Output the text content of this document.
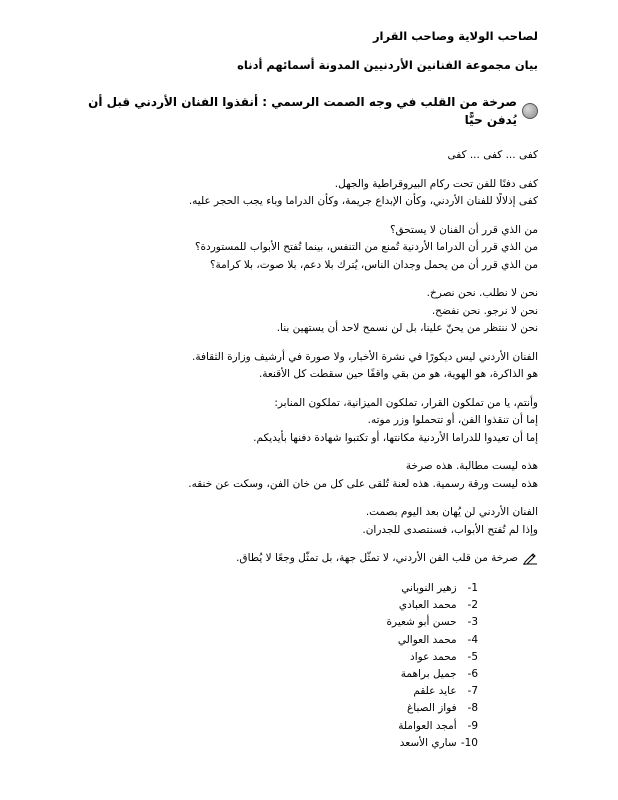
لصاحب الولاية وصاحب القرار

بيان مجموعة الفنانين الأردنيين المدونة أسمائهم أدناه

صرخة من القلب في وجه الصمت الرسمي : أنقذوا الفنان الأردني قبل أن يُدفن حيًّا

كفى ... كفى ... كفى

كفى دفنًا للفن تحت ركام البيروقراطية والجهل.
كفى إذلالًا للفنان الأردني، وكأن الإبداع جريمة، وكأن الدراما وباء يجب الحجر عليه.

من الذي قرر أن الفنان لا يستحق؟
من الذي قرر أن الدراما الأردنية تُمنع من التنفس، بينما تُفتح الأبواب للمستوردة؟
من الذي قرر أن من يحمل وجدان الناس، يُترك بلا دعم، بلا صوت، بلا كرامة؟

نحن لا نطلب. نحن نصرخ.
نحن لا نرجو. نحن نفضح.
نحن لا ننتظر من يحنّ علينا، بل لن نسمح لاحد أن يستهين بنا.

الفنان الأردني ليس ديكورًا في نشرة الأخبار، ولا صورة في أرشيف وزارة الثقافة.
هو الذاكرة، هو الهوية، هو من بقي واقفًا حين سقطت كل الأقنعة.

وأنتم، يا من تملكون القرار، تملكون الميزانية، تملكون المنابر:
إما أن تنقذوا الفن، أو تتحملوا وزر موته.
إما أن تعيدوا للدراما الأردنية مكانتها، أو تكتبوا شهادة دفنها بأيديكم.

هذه ليست مطالبة. هذه صرخة
هذه ليست ورقة رسمية. هذه لعنة تُلقى على كل من خان الفن، وسكت عن خنقه.

الفنان الأردني لن يُهان بعد اليوم بصمت.
وإذا لم تُفتح الأبواب، فسنتصدى للجدران.

صرخة من قلب الفن الأردني، لا تمثّل جهة، بل تمثّل وجعًا لا يُطاق.
1- زهير النوباني
2- محمد العبادي
3- حسن أبو شعيرة
4- محمد العوالي
5- محمد عواد
6- جميل براهمة
7- عايد علقم
8- فواز الصباغ
9- أمجد العواملة
10- ساري الأسعد
